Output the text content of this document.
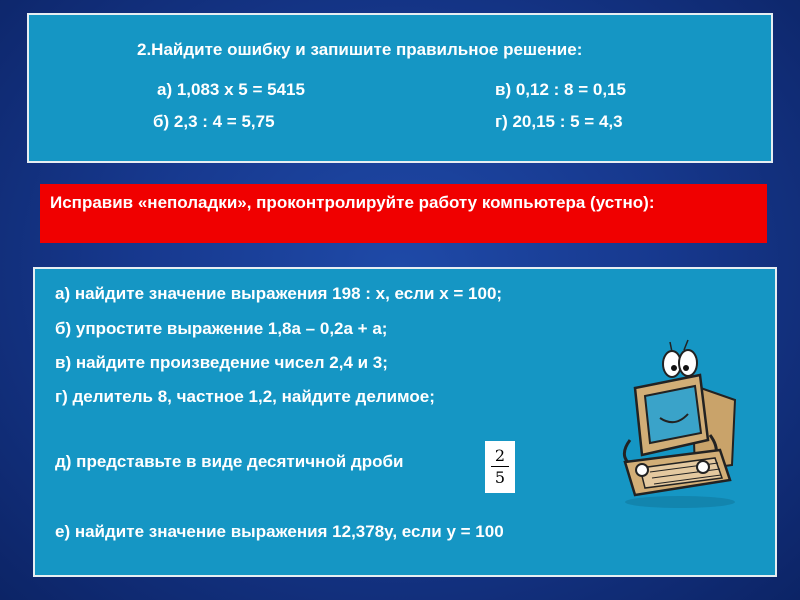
2.Найдите ошибку и запишите правильное решение:
а) 1,083 х 5 = 5415	в) 0,12 : 8 = 0,15
б) 2,3 : 4 = 5,75	г) 20,15 : 5 = 4,3
Исправив «неполадки», проконтролируйте работу компьютера (устно):
а) найдите значение выражения 198 : х, если х = 100;
б) упростите выражение 1,8а – 0,2а + а;
в) найдите произведение чисел 2,4 и 3;
г) делитель 8, частное 1,2, найдите делимое;
д) представьте в виде десятичной дроби
е) найдите значение выражения 12,378у, если у = 100
2
5
